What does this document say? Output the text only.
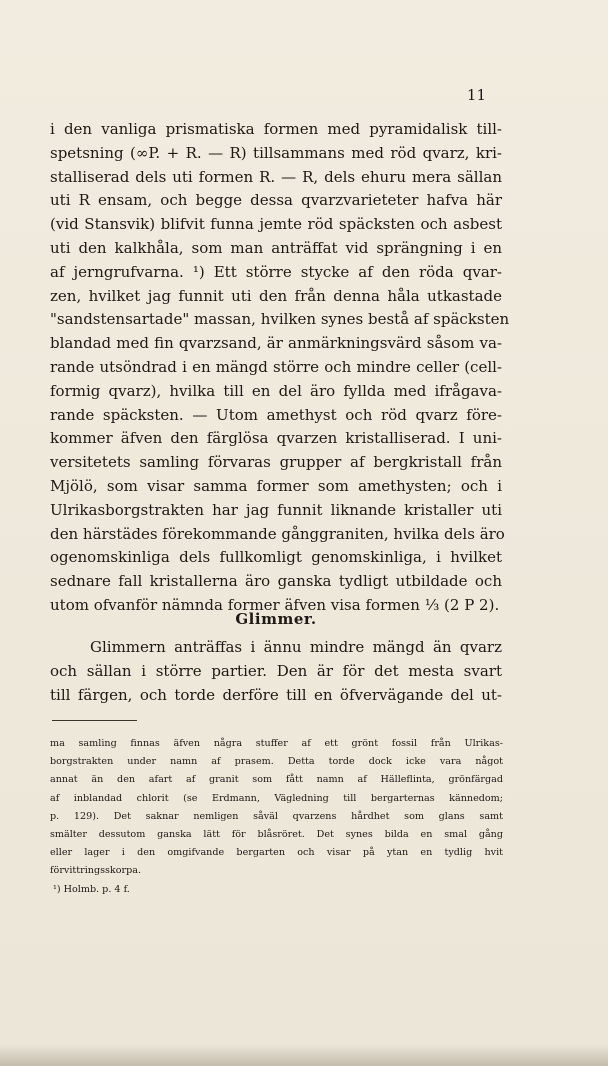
11
i den vanliga prismatiska formen med pyramidalisk till-
spetsning (∞P. + R. — R) tillsammans med röd qvarz, kri-
stalliserad dels uti formen R. — R, dels ehuru mera sällan
uti R ensam, och begge dessa qvarzvarieteter hafva här
(vid Stansvik) blifvit funna jemte röd späcksten och asbest
uti den kalkhåla, som man anträffat vid sprängning i en
af jerngrufvarna. ¹) Ett större stycke af den röda qvar-
zen, hvilket jag funnit uti den från denna håla utkastade
"sandstensartade" massan, hvilken synes bestå af späcksten
blandad med fin qvarzsand, är anmärkningsvärd såsom va-
rande utsöndrad i en mängd större och mindre celler (cell-
formig qvarz), hvilka till en del äro fyllda med ifrågava-
rande späcksten. — Utom amethyst och röd qvarz före-
kommer äfven den färglösa qvarzen kristalliserad. I uni-
versitetets samling förvaras grupper af bergkristall från
Mjölö, som visar samma former som amethysten; och i
Ulrikasborgstrakten har jag funnit liknande kristaller uti
den härstädes förekommande gånggraniten, hvilka dels äro
ogenomskinliga dels fullkomligt genomskinliga, i hvilket
sednare fall kristallerna äro ganska tydligt utbildade och
utom ofvanför nämnda former äfven visa formen ⅓ (2 P 2).
Glimmer.
Glimmern anträffas i ännu mindre mängd än qvarz
och sällan i större partier. Den är för det mesta svart
till färgen, och torde derföre till en öfvervägande del ut-
ma samling finnas äfven några stuffer af ett grönt fossil från Ulrikas-
borgstrakten under namn af prasem. Detta torde dock icke vara något
annat än den afart af granit som fått namn af Hälleflinta, grönfärgad
af inblandad chlorit (se Erdmann, Vägledning till bergarternas kännedom;
p. 129). Det saknar nemligen såväl qvarzens hårdhet som glans samt
smälter dessutom ganska lätt för blåsröret. Det synes bilda en smal gång
eller lager i den omgifvande bergarten och visar på ytan en tydlig hvit
förvittringsskorpa.
¹) Holmb. p. 4 f.
